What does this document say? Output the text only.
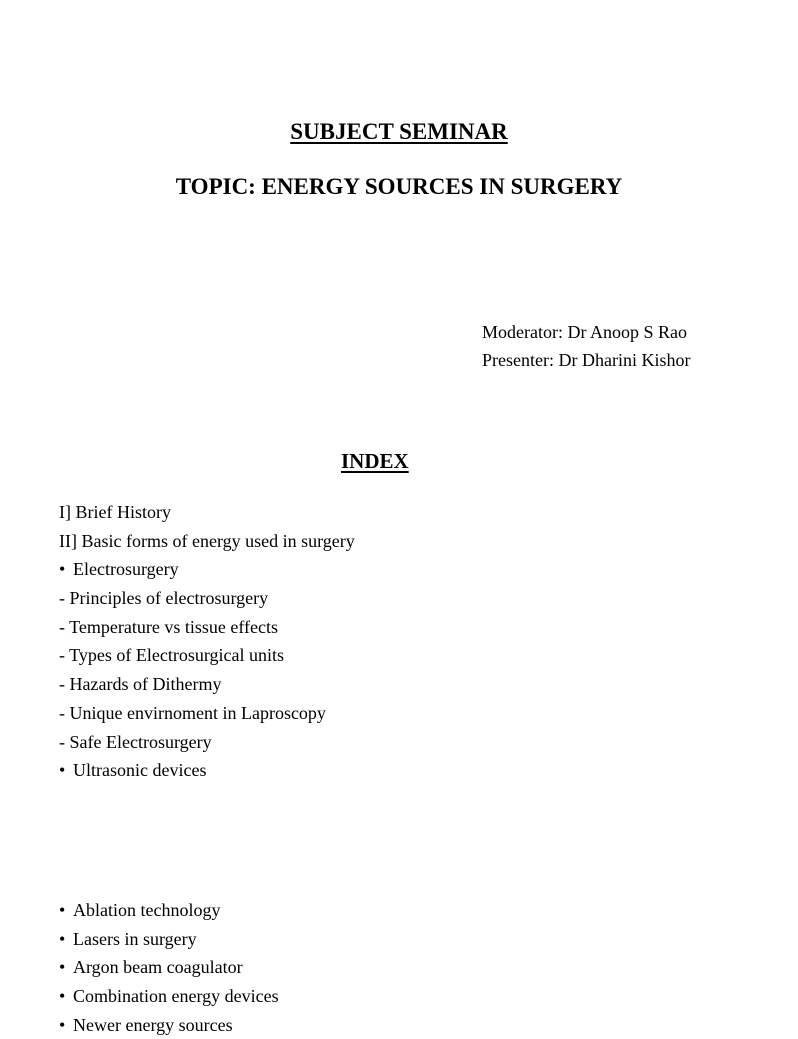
SUBJECT SEMINAR
TOPIC: ENERGY SOURCES IN SURGERY
Moderator: Dr Anoop S Rao
Presenter: Dr Dharini Kishor
INDEX
I] Brief History
II] Basic forms of energy used in surgery
• Electrosurgery
- Principles of electrosurgery
- Temperature vs tissue effects
- Types of Electrosurgical units
- Hazards of Dithermy
- Unique envirnoment in Laproscopy
- Safe Electrosurgery
• Ultrasonic devices
• Ablation technology
• Lasers in surgery
• Argon beam coagulator
• Combination energy devices
• Newer energy sources
